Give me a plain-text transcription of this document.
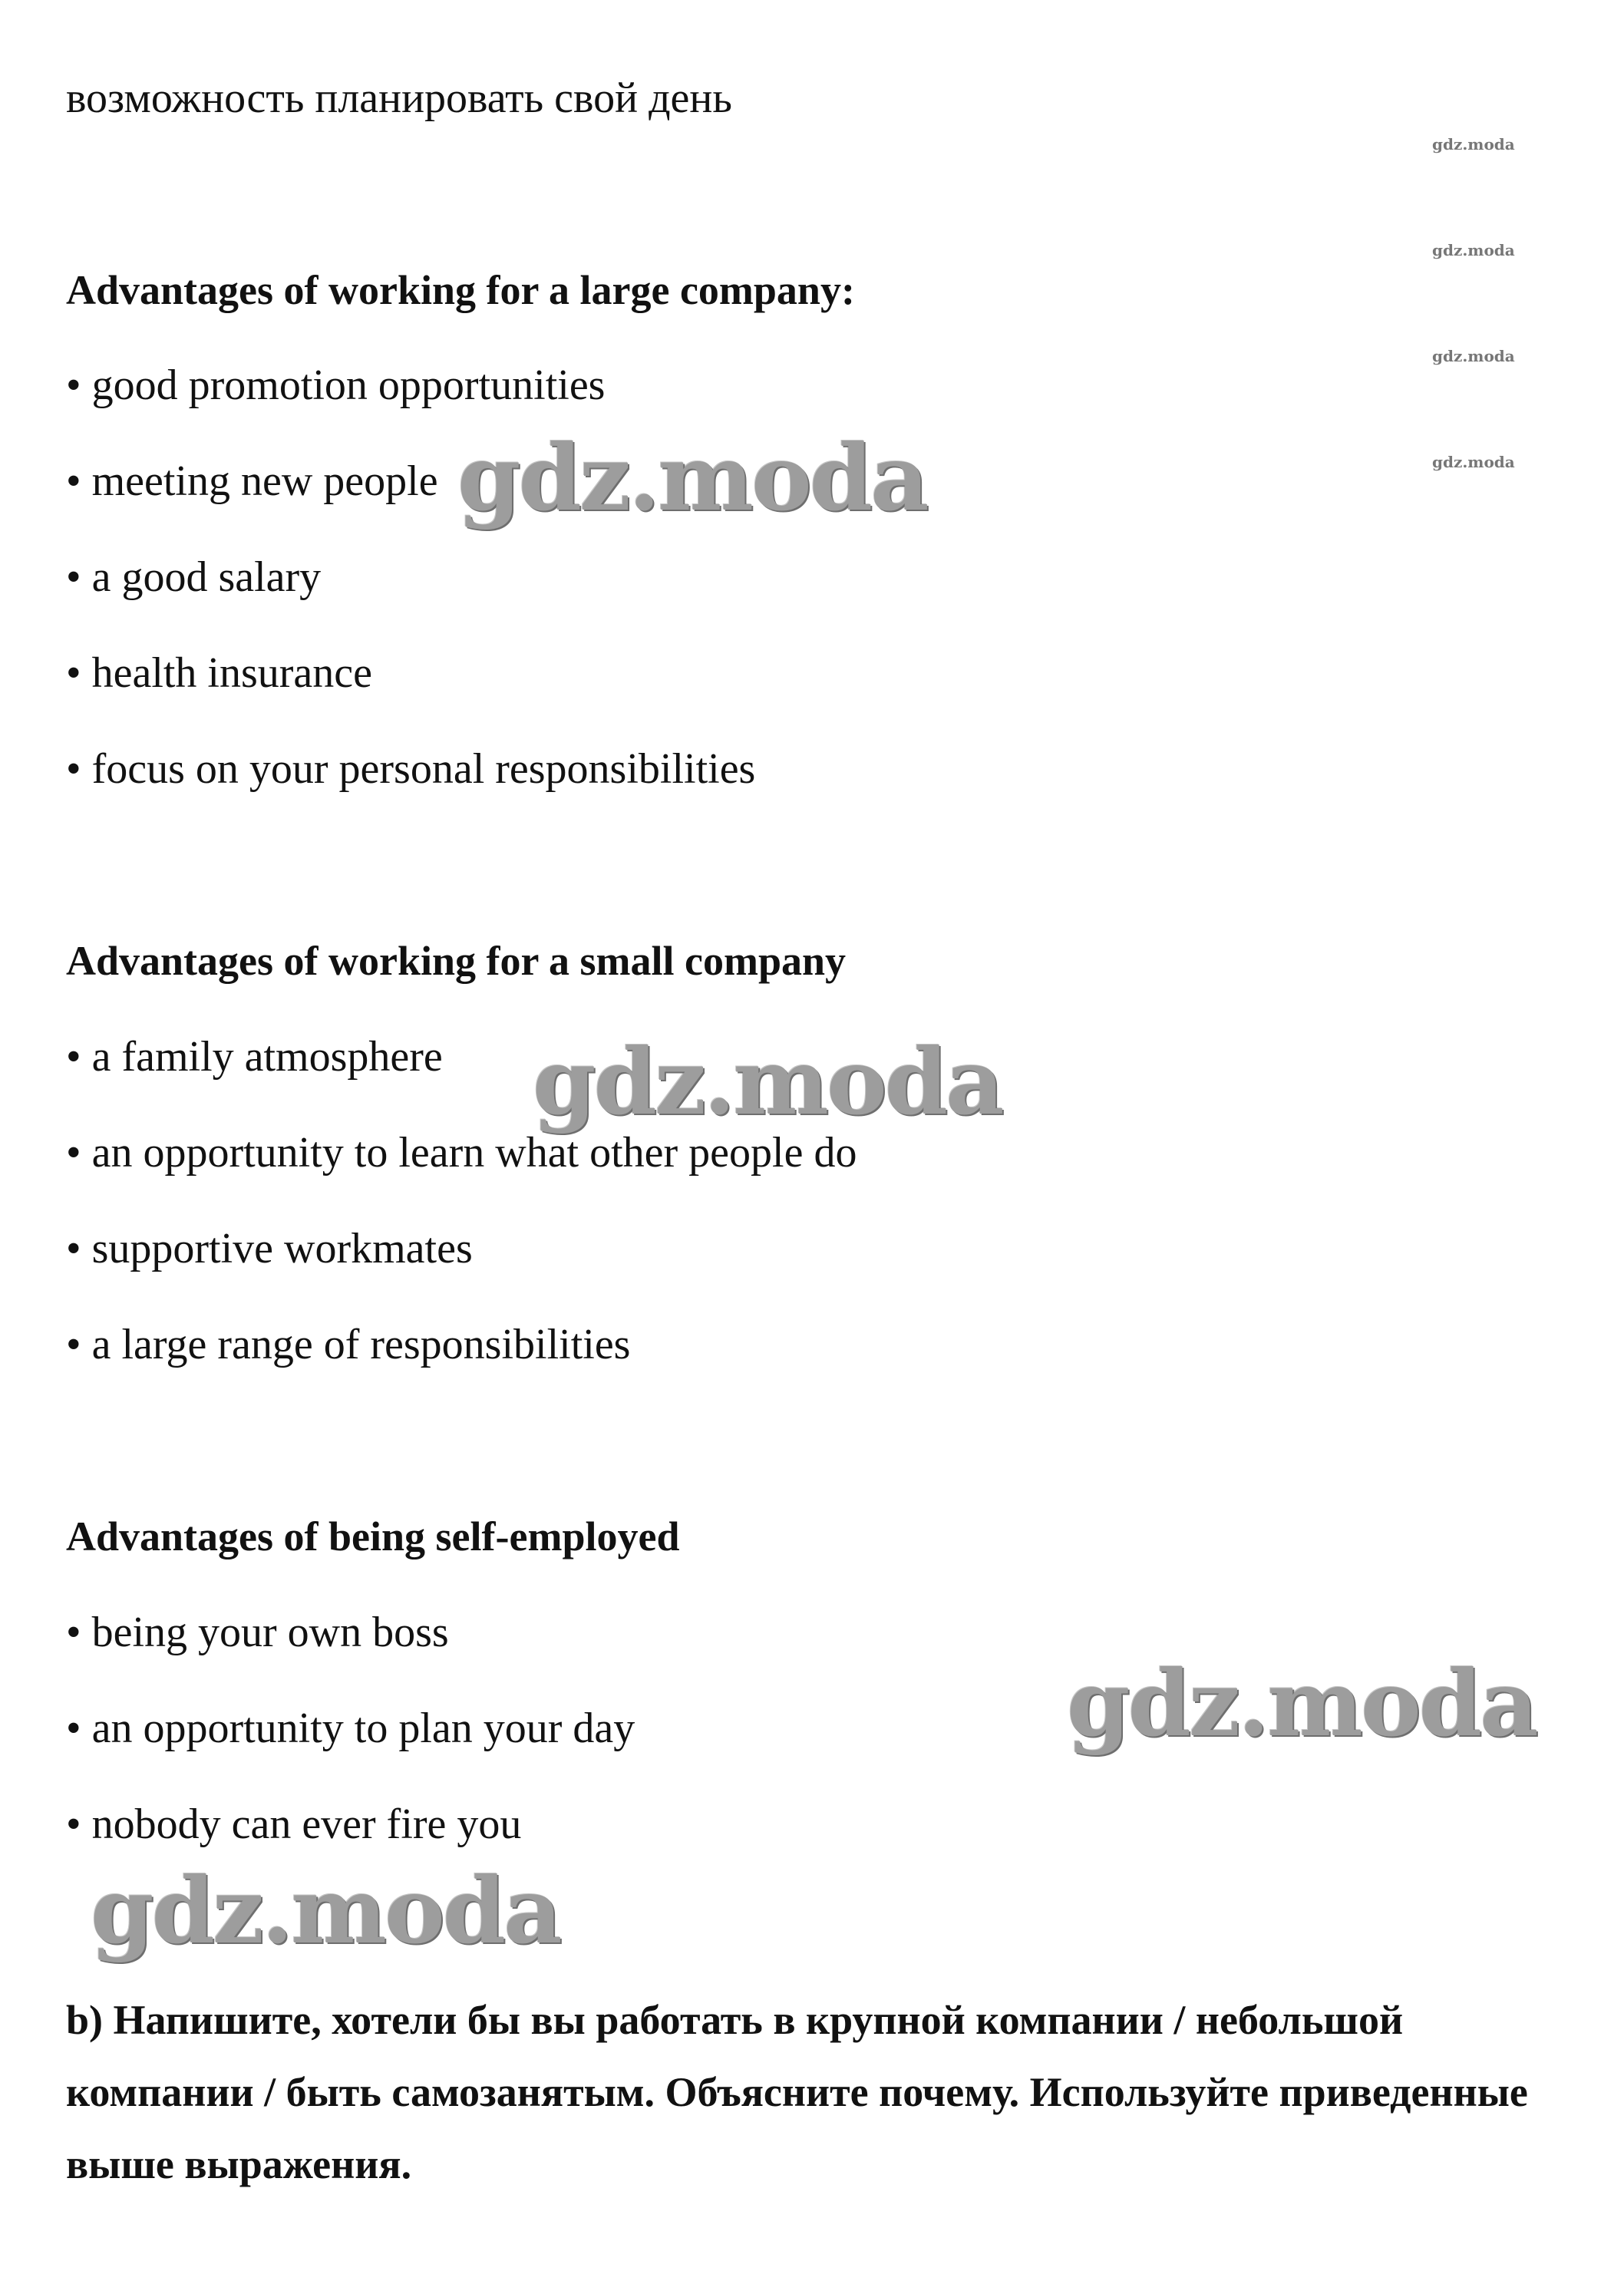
возможность планировать свой день
Advantages of working for a large company:
• good promotion opportunities
• meeting new people
• a good salary
• health insurance
• focus on your personal responsibilities
Advantages of working for a small company
• a family atmosphere
• an opportunity to learn what other people do
• supportive workmates
• a large range of responsibilities
Advantages of being self-employed
• being your own boss
• an opportunity to plan your day
• nobody can ever fire you
b) Напишите, хотели бы вы работать в крупной компании / небольшой компании / быть самозанятым. Объясните почему. Используйте приведенные выше выражения.
gdz.moda
gdz.moda
gdz.moda
gdz.moda
gdz.moda
gdz.moda
gdz.moda
gdz.moda
